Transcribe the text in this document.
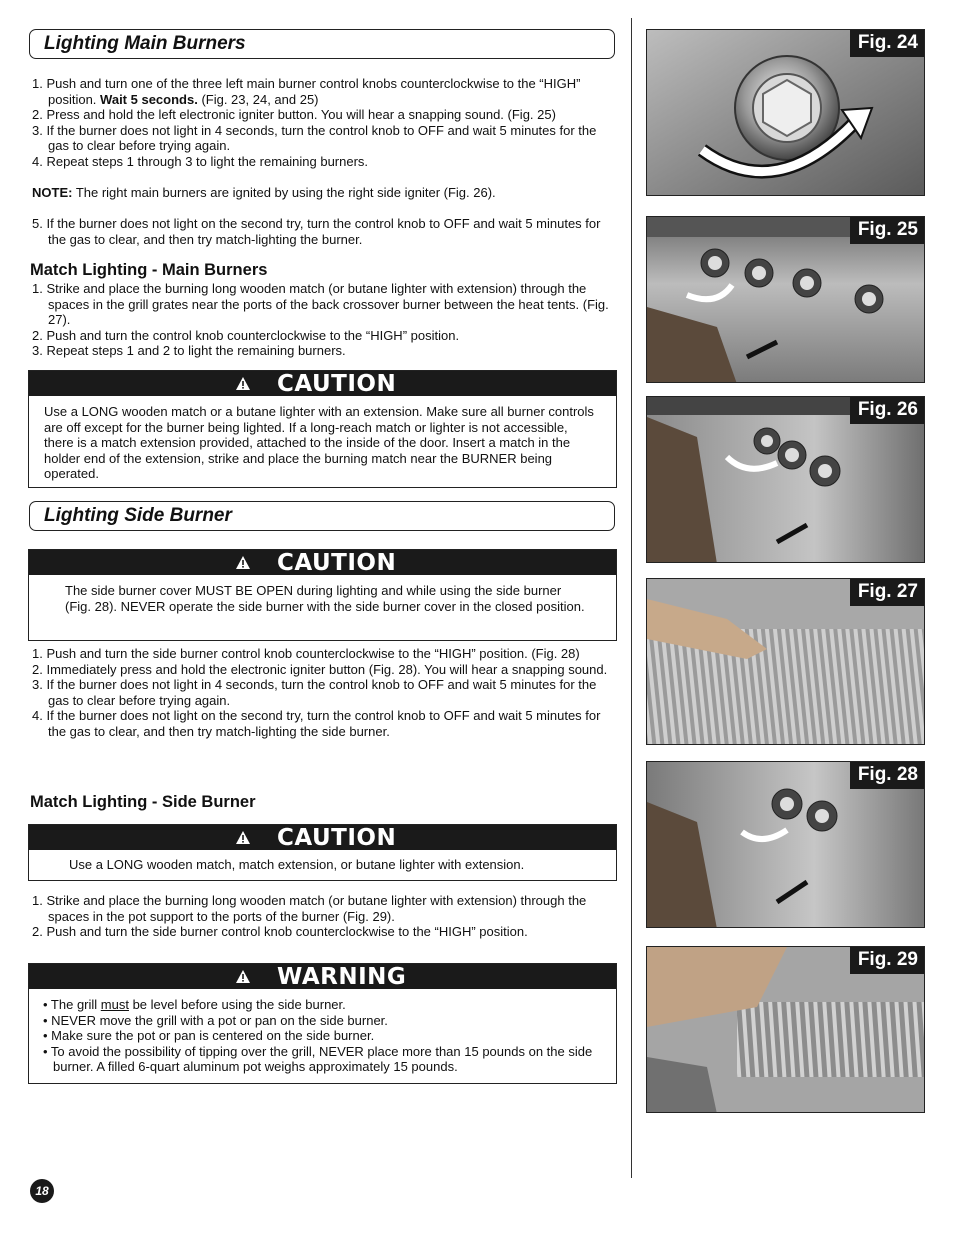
Lighting Main Burners
1. Push and turn one of the three left main burner control knobs counterclockwise to the “HIGH” position. Wait 5 seconds. (Fig. 23, 24, and 25)
2. Press and hold the left electronic igniter button. You will hear a snapping sound. (Fig. 25)
3. If the burner does not light in 4 seconds, turn the control knob to OFF and wait 5 minutes for the gas to clear before trying again.
4. Repeat steps 1 through 3 to light the remaining burners.
NOTE: The right main burners are ignited by using the right side igniter (Fig. 26).
5. If the burner does not light on the second try, turn the control knob to OFF and wait 5 minutes for the gas to clear, and then try match-lighting the burner.
Match Lighting - Main Burners
1. Strike and place the burning long wooden match (or butane lighter with extension) through the spaces in the grill grates near the ports of the back crossover burner between the heat tents. (Fig. 27).
2. Push and turn the control knob counterclockwise to the “HIGH” position.
3. Repeat steps 1 and 2 to light the remaining burners.
CAUTION
Use a LONG wooden match or a butane lighter with an extension. Make sure all burner controls are off except for the burner being lighted. If a long-reach match or lighter is not accessible, there is a match extension provided, attached to the inside of the door. Insert a match in the holder end of the extension, strike and place the burning match near the BURNER being operated.
Lighting Side Burner
CAUTION
The side burner cover MUST BE OPEN during lighting and while using the side burner (Fig. 28). NEVER operate the side burner with the side burner cover in the closed position.
1. Push and turn the side burner control knob counterclockwise to the “HIGH” position. (Fig. 28)
2. Immediately press and hold the electronic igniter button (Fig. 28). You will hear a snapping sound.
3. If the burner does not light in 4 seconds, turn the control knob to OFF and wait 5 minutes for the gas to clear before trying again.
4. If the burner does not light on the second try, turn the control knob to OFF and wait 5 minutes for the gas to clear, and then try match-lighting the side burner.
Match Lighting - Side Burner
CAUTION
Use a LONG wooden match, match extension, or butane lighter with extension.
1. Strike and place the burning long wooden match (or butane lighter with extension) through the spaces in the pot support to the ports of the burner (Fig. 29).
2. Push and turn the side burner control knob counterclockwise to the “HIGH” position.
WARNING
• The grill must be level before using the side burner.
• NEVER move the grill with a pot or pan on the side burner.
• Make sure the pot or pan is centered on the side burner.
• To avoid the possibility of tipping over the grill, NEVER place more than 15 pounds on the side burner. A filled 6-quart aluminum pot weighs approximately 15 pounds.
Fig. 24
Fig. 25
Fig. 26
Fig. 27
Fig. 28
Fig. 29
18
